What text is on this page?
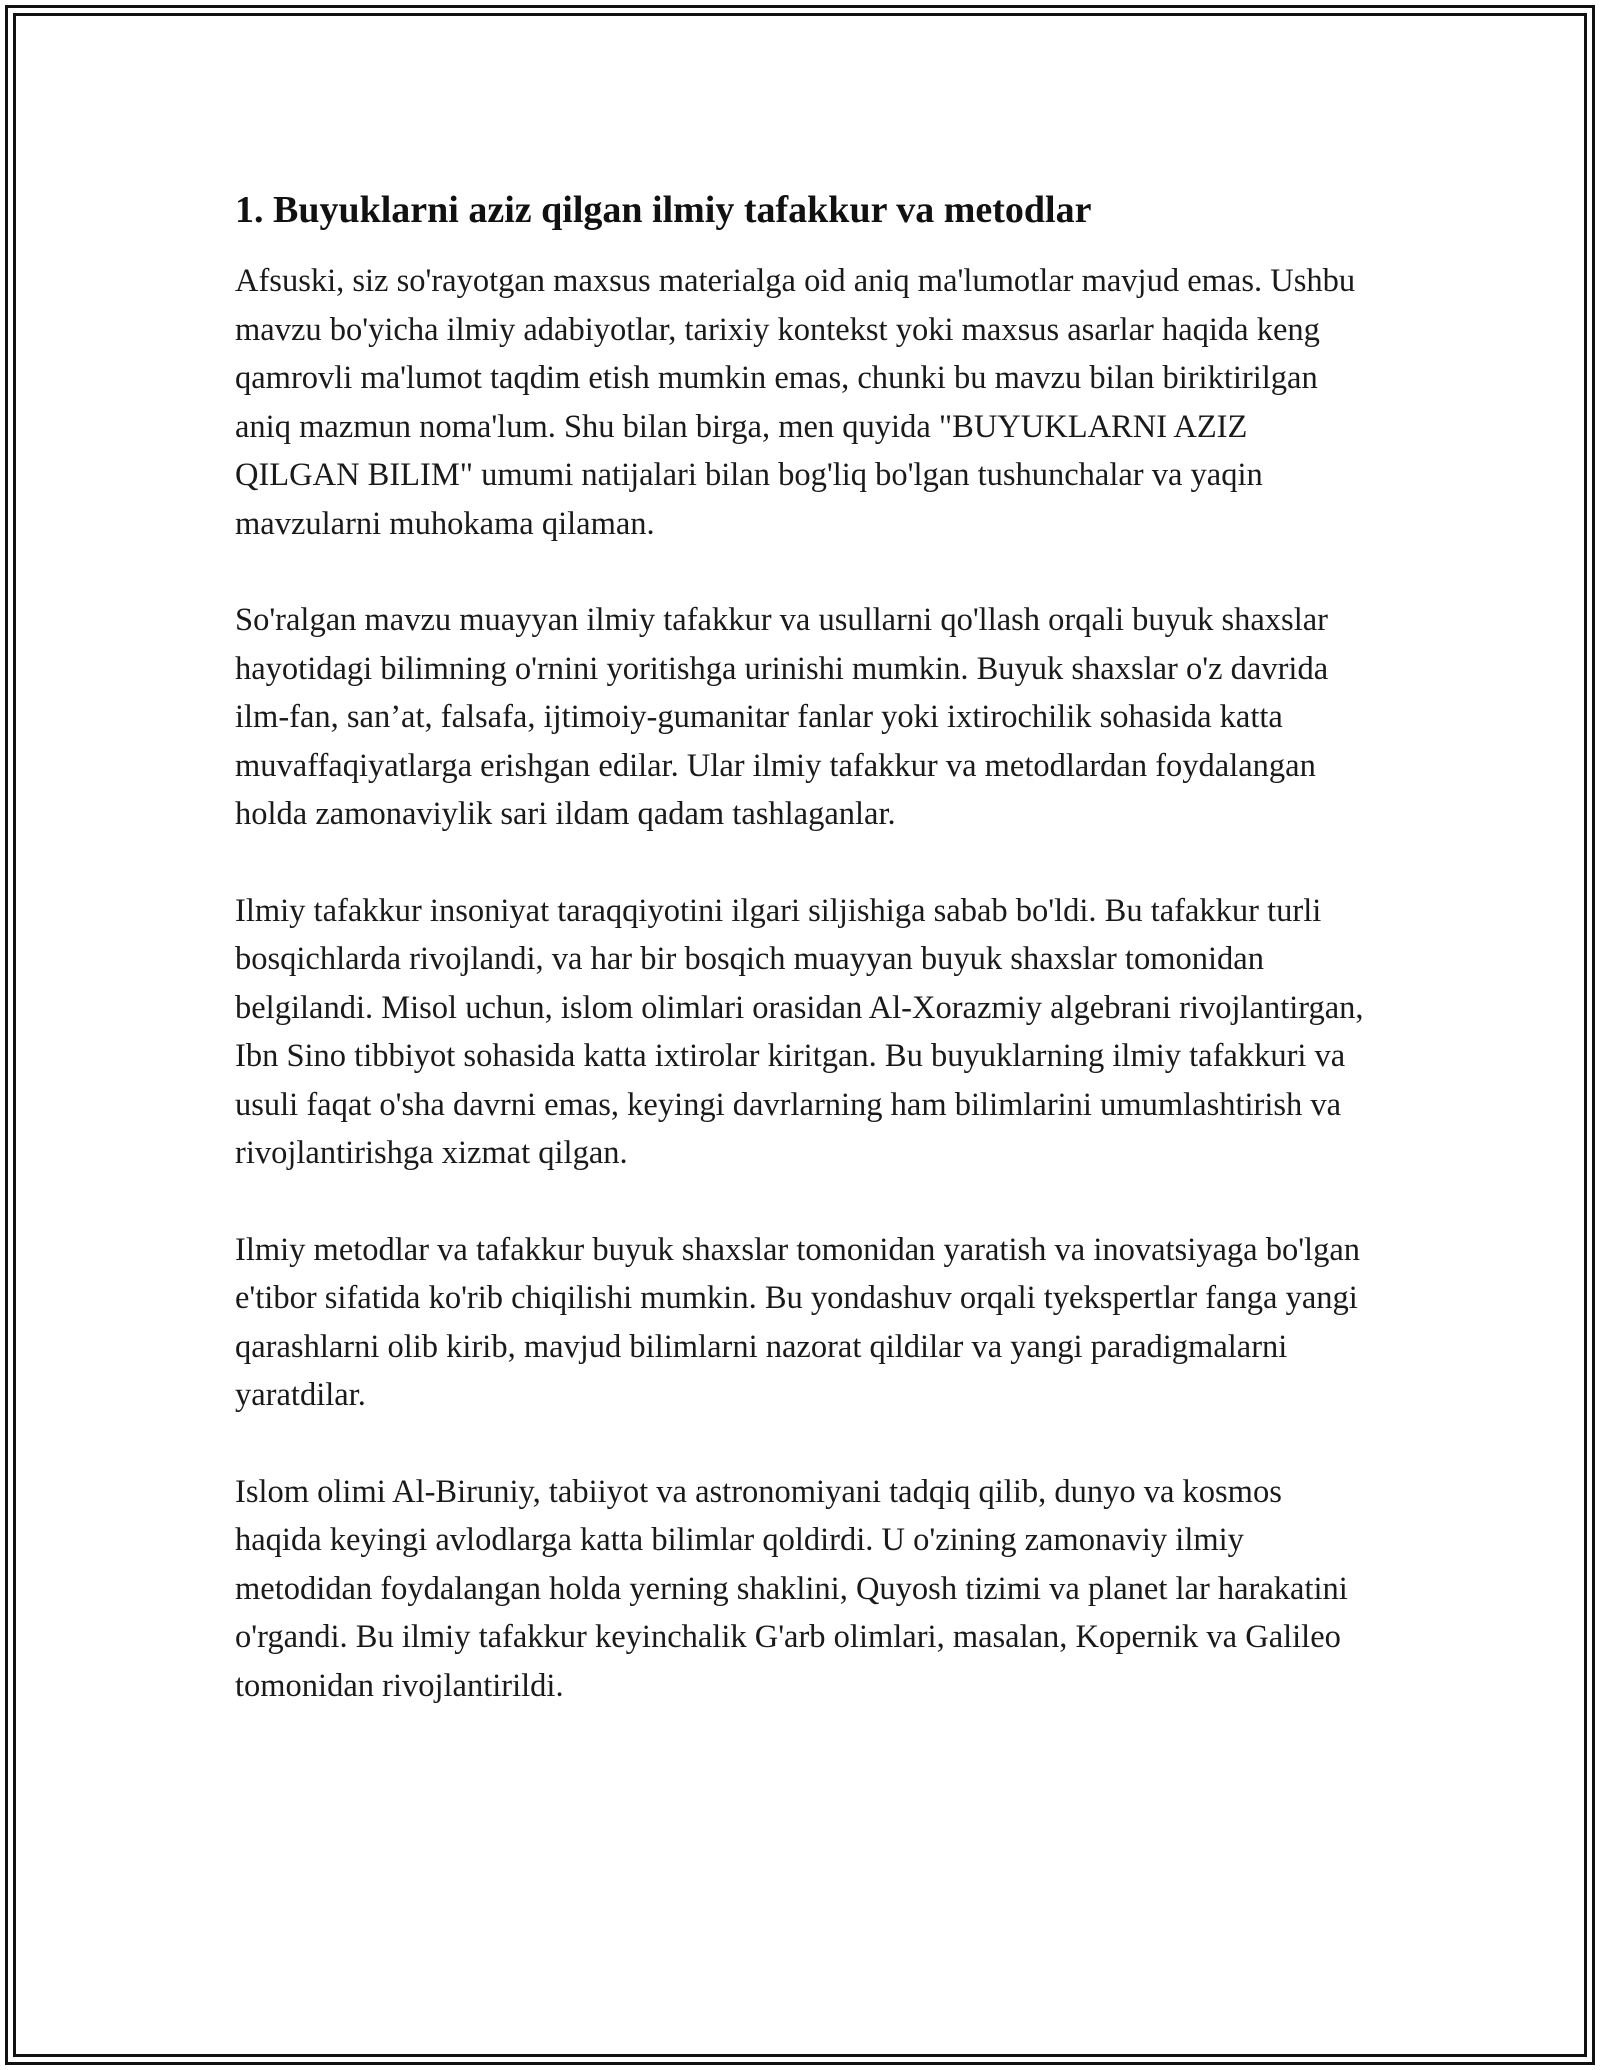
1. Buyuklarni aziz qilgan ilmiy tafakkur va metodlar

Afsuski, siz so'rayotgan maxsus materialga oid aniq ma'lumotlar mavjud emas. Ushbu mavzu bo'yicha ilmiy adabiyotlar, tarixiy kontekst yoki maxsus asarlar haqida keng qamrovli ma'lumot taqdim etish mumkin emas, chunki bu mavzu bilan biriktirilgan aniq mazmun noma'lum. Shu bilan birga, men quyida "BUYUKLARNI AZIZ QILGAN BILIM" umumi natijalari bilan bog'liq bo'lgan tushunchalar va yaqin mavzularni muhokama qilaman.

So'ralgan mavzu muayyan ilmiy tafakkur va usullarni qo'llash orqali buyuk shaxslar hayotidagi bilimning o'rnini yoritishga urinishi mumkin. Buyuk shaxslar o'z davrida ilm-fan, san’at, falsafa, ijtimoiy-gumanitar fanlar yoki ixtirochilik sohasida katta muvaffaqiyatlarga erishgan edilar. Ular ilmiy tafakkur va metodlardan foydalangan holda zamonaviylik sari ildam qadam tashlaganlar.

Ilmiy tafakkur insoniyat taraqqiyotini ilgari siljishiga sabab bo'ldi. Bu tafakkur turli bosqichlarda rivojlandi, va har bir bosqich muayyan buyuk shaxslar tomonidan belgilandi. Misol uchun, islom olimlari orasidan Al-Xorazmiy algebrani rivojlantirgan, Ibn Sino tibbiyot sohasida katta ixtirolar kiritgan. Bu buyuklarning ilmiy tafakkuri va usuli faqat o'sha davrni emas, keyingi davrlarning ham bilimlarini umumlashtirish va rivojlantirishga xizmat qilgan.

Ilmiy metodlar va tafakkur buyuk shaxslar tomonidan yaratish va inovatsiyaga bo'lgan e'tibor sifatida ko'rib chiqilishi mumkin. Bu yondashuv orqali tyekspertlar fanga yangi qarashlarni olib kirib, mavjud bilimlarni nazorat qildilar va yangi paradigmalarni yaratdilar.

Islom olimi Al-Biruniy, tabiiyot va astronomiyani tadqiq qilib, dunyo va kosmos haqida keyingi avlodlarga katta bilimlar qoldirdi. U o'zining zamonaviy ilmiy metodidan foydalangan holda yerning shaklini, Quyosh tizimi va planet lar harakatini o'rgandi. Bu ilmiy tafakkur keyinchalik G'arb olimlari, masalan, Kopernik va Galileo tomonidan rivojlantirildi.
